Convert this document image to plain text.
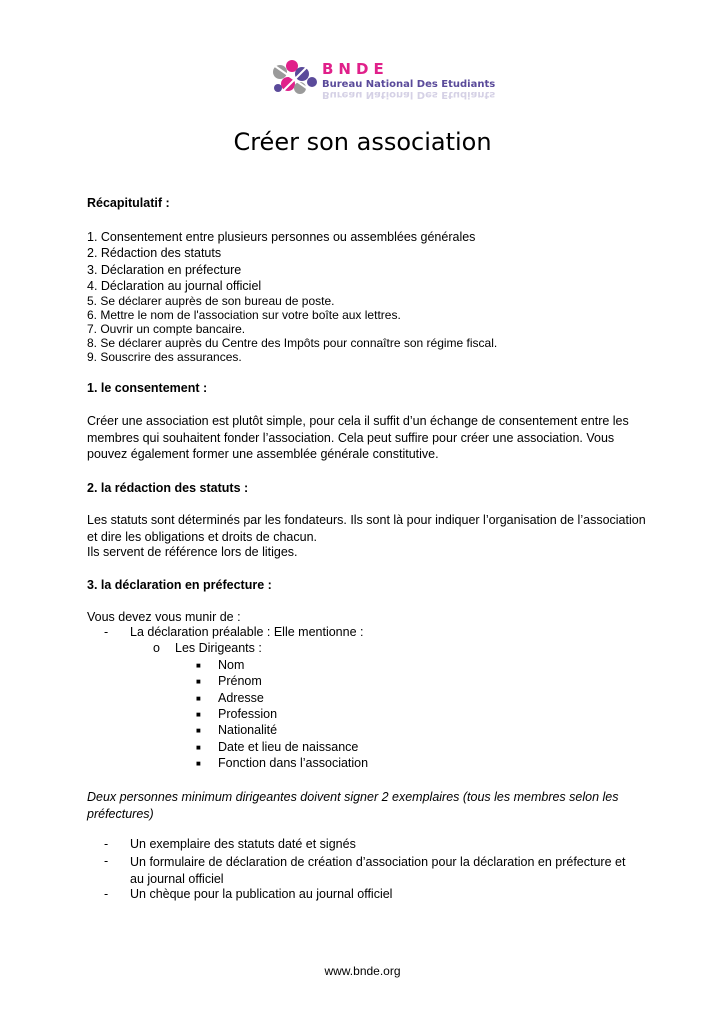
BNDE
Bureau National Des Etudiants
Bureau National Des Etudiants
Créer son association
Récapitulatif :
1. Consentement entre plusieurs personnes ou assemblées générales
2. Rédaction des statuts
3. Déclaration en préfecture
4. Déclaration au journal officiel
5. Se déclarer auprès de son bureau de poste.
6. Mettre le nom de l'association sur votre boîte aux lettres.
7. Ouvrir un compte bancaire.
8. Se déclarer auprès du Centre des Impôts pour connaître son régime fiscal.
9. Souscrire des assurances.
1. le consentement :
Créer une association est plutôt simple, pour cela il suffit d’un échange de consentement entre les membres qui souhaitent fonder l’association. Cela peut suffire pour créer une association. Vous pouvez également former une assemblée générale constitutive.
2. la rédaction des statuts :
Les statuts sont déterminés par les fondateurs. Ils sont là pour indiquer l’organisation de l’association et dire les obligations et droits de chacun.
Ils servent de référence lors de litiges.
3. la déclaration en préfecture :
Vous devez vous munir de :
- La déclaration préalable : Elle mentionne :
o Les Dirigeants :
■ Nom
■ Prénom
■ Adresse
■ Profession
■ Nationalité
■ Date et lieu de naissance
■ Fonction dans l’association
Deux personnes minimum dirigeantes doivent signer 2 exemplaires (tous les membres selon les préfectures)
- Un exemplaire des statuts daté et signés
- Un formulaire de déclaration de création d’association pour la déclaration en préfecture et au journal officiel
- Un chèque pour la publication au journal officiel
www.bnde.org
